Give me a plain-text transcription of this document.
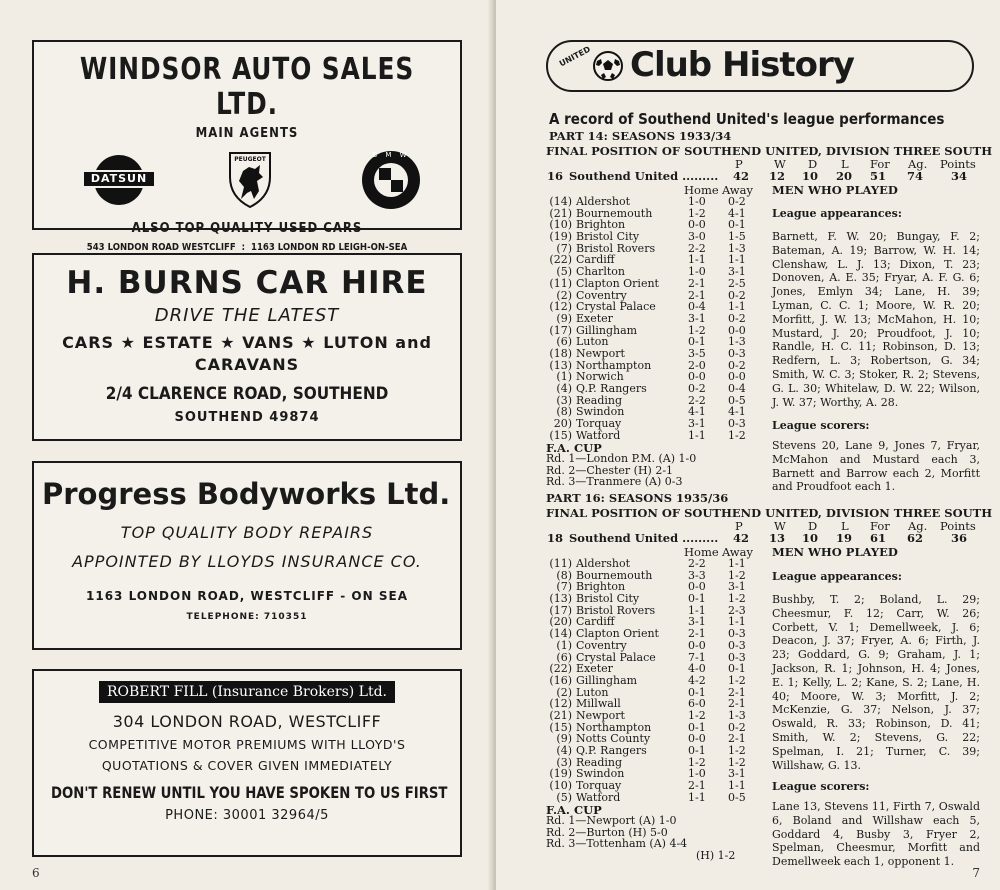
WINDSOR AUTO SALES LTD.
MAIN AGENTS
DATSUN
PEUGEOT
B M W
ALSO TOP QUALITY USED CARS
543 LONDON ROAD WESTCLIFF  :  1163 LONDON RD LEIGH-ON-SEA
H. BURNS CAR HIRE
DRIVE THE LATEST
CARS ★ ESTATE ★ VANS ★ LUTON and
CARAVANS
2/4 CLARENCE ROAD, SOUTHEND
SOUTHEND 49874
Progress Bodyworks Ltd.
TOP QUALITY BODY REPAIRS
APPOINTED BY LLOYDS INSURANCE CO.
1163 LONDON ROAD, WESTCLIFF - ON SEA
TELEPHONE: 710351
ROBERT FILL (Insurance Brokers) Ltd.
304 LONDON ROAD, WESTCLIFF
COMPETITIVE MOTOR PREMIUMS WITH LLOYD'S
QUOTATIONS & COVER GIVEN IMMEDIATELY
DON'T RENEW UNTIL YOU HAVE SPOKEN TO US FIRST
PHONE: 30001 32964/5
6
UNITED Club History
A record of Southend United's league performances
PART 14: SEASONS 1933/34
FINAL POSITION OF SOUTHEND UNITED, DIVISION THREE SOUTH
P	W D L For Ag. Points
16 Southend United ......... 42 12 10 20 51 74 34
Home Away MEN WHO PLAYED
(14) Aldershot	1-0 0-2
(21) Bournemouth	1-2 4-1
(10) Brighton	0-0 0-1
(19) Bristol City	3-0 1-5
(7) Bristol Rovers	2-2 1-3
(22) Cardiff	1-1 1-1
(5) Charlton	1-0 3-1
(11) Clapton Orient	2-1 2-5
(2) Coventry	2-1 0-2
(12) Crystal Palace	0-4 1-1
(9) Exeter	3-1 0-2
(17) Gillingham	1-2 0-0
(6) Luton	0-1 1-3
(18) Newport	3-5 0-3
(13) Northampton	2-0 0-2
(1) Norwich	0-0 0-0
(4) Q.P. Rangers	0-2 0-4
(3) Reading	2-2 0-5
(8) Swindon	4-1 4-1
20) Torquay	3-1 0-3
(15) Watford	1-1 1-2
League appearances:
Barnett, F. W. 20; Bungay, F. 2; Bateman, A. 19; Barrow, W. H. 14; Clenshaw, L. J. 13; Dixon, T. 23; Donoven, A. E. 35; Fryar, A. F. G. 6; Jones, Emlyn 34; Lane, H. 39; Lyman, C. C. 1; Moore, W. R. 20; Morfitt, J. W. 13; McMahon, H. 10; Mustard, J. 20; Proudfoot, J. 10; Randle, H. C. 11; Robinson, D. 13; Redfern, L. 3; Robertson, G. 34; Smith, W. C. 3; Stoker, R. 2; Stevens, G. L. 30; Whitelaw, D. W. 22; Wilson, J. W. 37; Worthy, A. 28.
League scorers:
Stevens 20, Lane 9, Jones 7, Fryar, McMahon and Mustard each 3, Barnett and Barrow each 2, Morfitt and Proudfoot each 1.
F.A. CUP
Rd. 1—London P.M. (A) 1-0
Rd. 2—Chester (H) 2-1
Rd. 3—Tranmere (A) 0-3
PART 16: SEASONS 1935/36
FINAL POSITION OF SOUTHEND UNITED, DIVISION THREE SOUTH
P	W D L For Ag. Points
18 Southend United ......... 42 13 10 19 61 62 36
Home Away MEN WHO PLAYED
(11) Aldershot	2-2 1-1
(8) Bournemouth	3-3 1-2
(7) Brighton	0-0 3-1
(13) Bristol City	0-1 1-2
(17) Bristol Rovers	1-1 2-3
(20) Cardiff	3-1 1-1
(14) Clapton Orient	2-1 0-3
(1) Coventry	0-0 0-3
(6) Crystal Palace	7-1 0-3
(22) Exeter	4-0 0-1
(16) Gillingham	4-2 1-2
(2) Luton	0-1 2-1
(12) Millwall	6-0 2-1
(21) Newport	1-2 1-3
(15) Northampton	0-1 0-2
(9) Notts County	0-0 2-1
(4) Q.P. Rangers	0-1 1-2
(3) Reading	1-2 1-2
(19) Swindon	1-0 3-1
(10) Torquay	2-1 1-1
(5) Watford	1-1 0-5
League appearances:
Bushby, T. 2; Boland, L. 29; Cheesmur, F. 12; Carr, W. 26; Corbett, V. 1; Demellweek, J. 6; Deacon, J. 37; Fryer, A. 6; Firth, J. 23; Goddard, G. 9; Graham, J. 1; Jackson, R. 1; Johnson, H. 4; Jones, E. 1; Kelly, L. 2; Kane, S. 2; Lane, H. 40; Moore, W. 3; Morfitt, J. 2; McKenzie, G. 37; Nelson, J. 37; Oswald, R. 33; Robinson, D. 41; Smith, W. 2; Stevens, G. 22; Spelman, I. 21; Turner, C. 39; Willshaw, G. 13.
League scorers:
Lane 13, Stevens 11, Firth 7, Oswald 6, Boland and Willshaw each 5, Goddard 4, Busby 3, Fryer 2, Spelman, Cheesmur, Morfitt and Demellweek each 1, opponent 1.
F.A. CUP
Rd. 1—Newport (A) 1-0
Rd. 2—Burton (H) 5-0
Rd. 3—Tottenham (A) 4-4
(H) 1-2
7
